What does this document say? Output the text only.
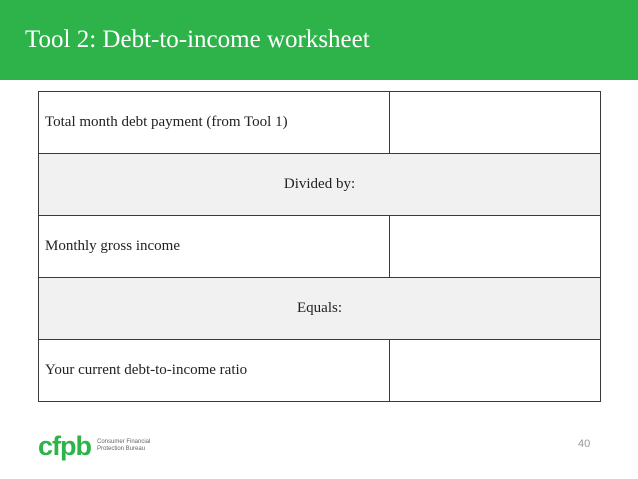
Tool 2: Debt-to-income worksheet
Total month debt payment (from Tool 1)	
Divided by:	
Monthly gross income	
Equals:	
Your current debt-to-income ratio	
cfpb Consumer Financial Protection Bureau	40
